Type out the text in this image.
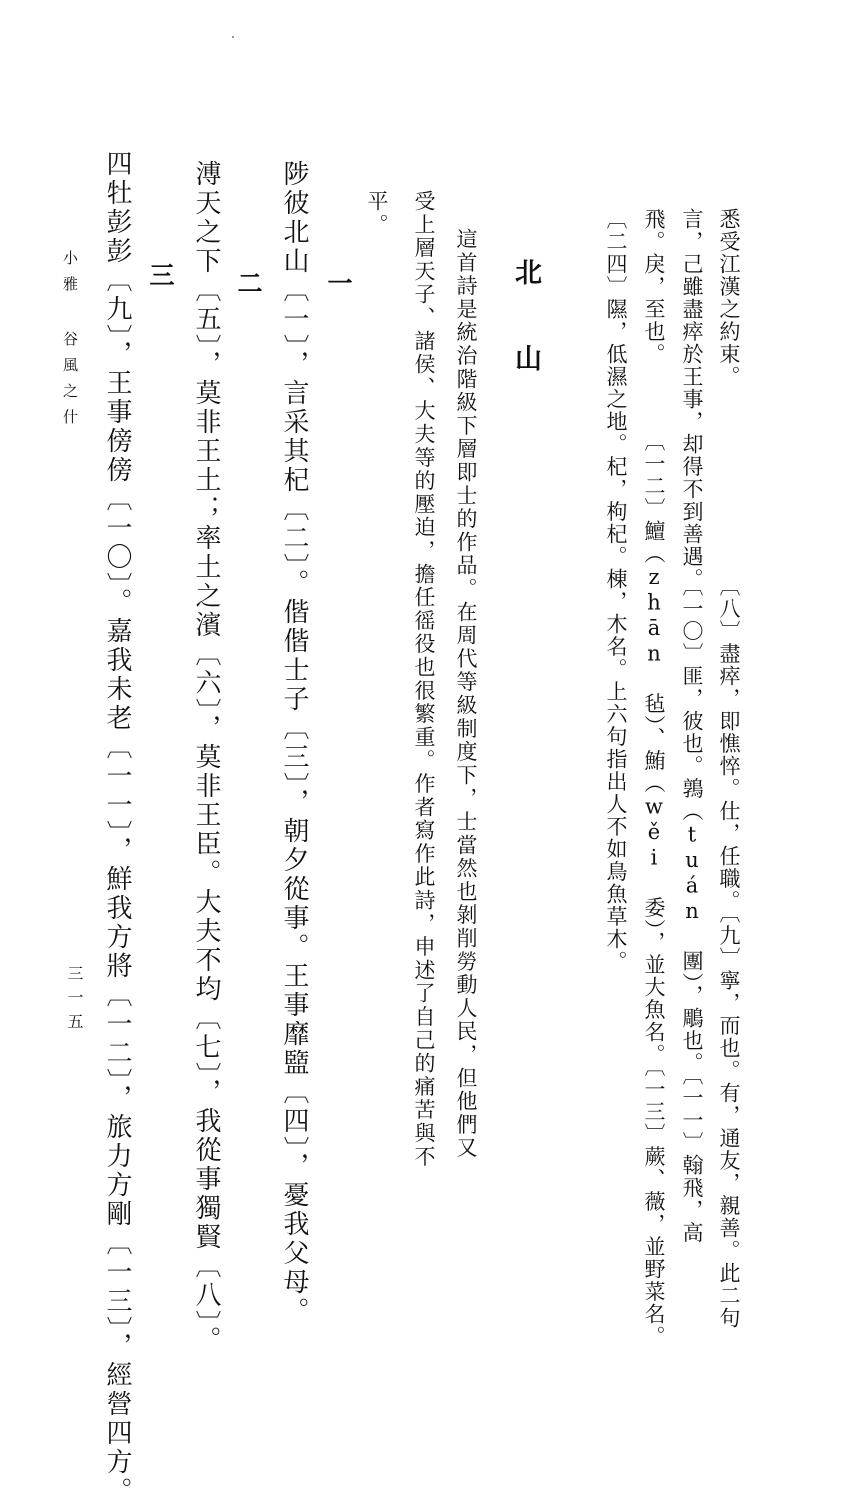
悉受江漢之約束。
〔八〕盡瘁，即憔悴。仕，任職。〔九〕寧，而也。有，通友，親善。此二句
言，己雖盡瘁於王事，却得不到善遇。
〔一〇〕匪，彼也。鶉（tuán 團），鵰也。〔一一〕翰飛，高
飛。戾，至也。
〔一二〕鱣（zhān 毡）、鮪（wěi 委），並大魚名。〔一三〕蕨、薇，並野菜名。
〔二四〕隰，低濕之地。杞，枸杞。棟，木名。上六句指出人不如鳥魚草木。
北 山
這首詩是統治階級下層即士的作品。在周代等級制度下，士當然也剝削勞動人民，但他們又
受上層天子、諸侯、大夫等的壓迫，擔任徭役也很繁重。作者寫作此詩，申述了自己的痛苦與不
平。
一
陟彼北山〔一〕，言采其杞〔二〕。偕偕士子〔三〕，朝夕從事。王事靡盬〔四〕，憂我父母。
二
溥天之下〔五〕，莫非王土；率土之濱〔六〕，莫非王臣。大夫不均〔七〕，我從事獨賢〔八〕。
三
四牡彭彭〔九〕，王事傍傍〔一〇〕。嘉我未老〔一一〕，鮮我方將〔一二〕，旅力方剛〔一三〕，經營四方。
小雅 谷風之什
三一五
